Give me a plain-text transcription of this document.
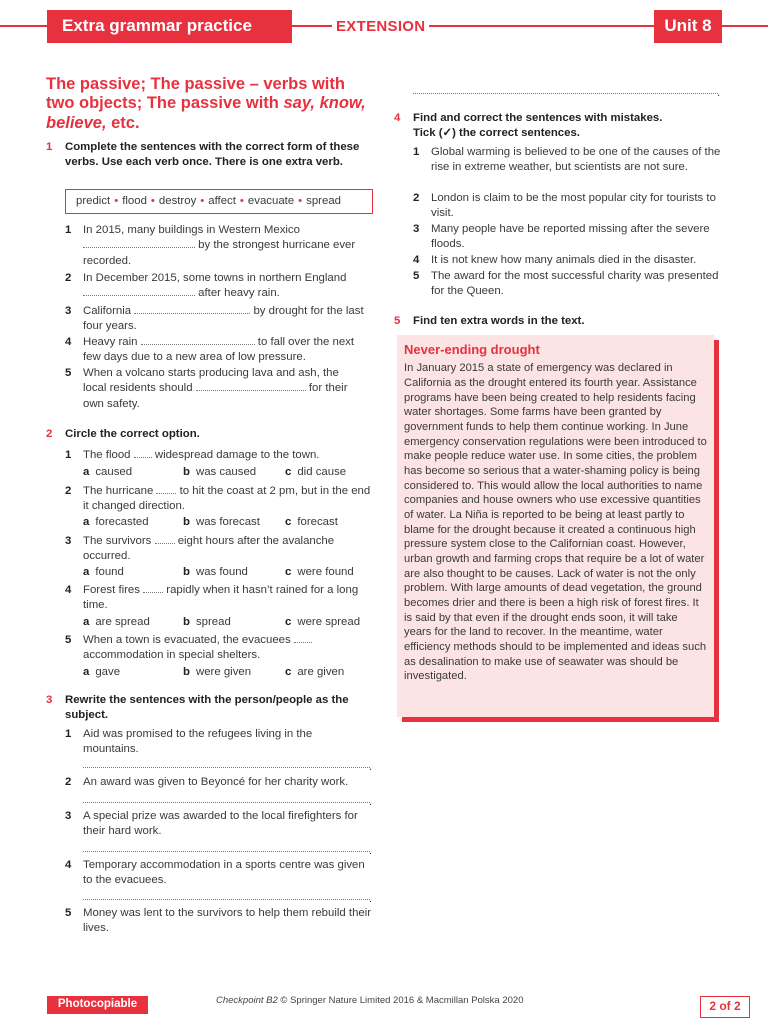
Extra grammar practice	EXTENSION	Unit 8
The passive; The passive – verbs with two objects; The passive with say, know, believe, etc.
1 Complete the sentences with the correct form of these verbs. Use each verb once. There is one extra verb.
predict • flood • destroy • affect • evacuate • spread
1 In 2015, many buildings in Western Mexico
by the strongest hurricane ever recorded.
2 In December 2015, some towns in northern England
after heavy rain.
3 California	by drought for the last four years.
4 Heavy rain	to fall over the next few days due to a new area of low pressure.
5 When a volcano starts producing lava and ash, the local residents should	for their own safety.
2 Circle the correct option.
1 The flood  widespread damage to the town.
a caused	b was caused	c did cause
2 The hurricane  to hit the coast at 2 pm, but in the end it changed direction.
a forecasted	b was forecast c forecast
3 The survivors  eight hours after the avalanche occurred.
a found	b was found	c were found
4 Forest fires  rapidly when it hasn’t rained for a long time.
a are spread	b spread	c were spread
5 When a town is evacuated, the evacuees  accommodation in special shelters.
a gave	b were given	c are given
3 Rewrite the sentences with the person/people as the subject.
1 Aid was promised to the refugees living in the mountains.
.
2 An award was given to Beyoncé for her charity work.
.
3 A special prize was awarded to the local firefighters for their hard work.
.
4 Temporary accommodation in a sports centre was given to the evacuees.
.
5 Money was lent to the survivors to help them rebuild their lives.
.
4 Find and correct the sentences with mistakes.
Tick (✓) the correct sentences.
1 Global warming is believed to be one of the causes of the rise in extreme weather, but scientists are not sure.
2 London is claim to be the most popular city for tourists to visit.
3 Many people have be reported missing after the severe floods.
4 It is not knew how many animals died in the disaster.
5 The award for the most successful charity was presented for the Queen.
5 Find ten extra words in the text.
Never-ending drought

In January 2015 a state of emergency was declared in California as the drought entered its fourth year. Assistance programs have been being created to help residents facing water shortages. Some farms have been granted by government funds to help them continue working. In June emergency conservation regulations were been introduced to make people reduce water use. In some cities, the problem has become so serious that a water-shaming policy is being considered to. This would allow the local authorities to name companies and house owners who use excessive quantities of water. La Niña is reported to be being at least partly to blame for the drought because it created a continuous high pressure system close to the Californian coast. However, urban growth and farming crops that require be a lot of water are also thought to be causes. Lack of water is not the only problem. With large amounts of dead vegetation, the ground becomes drier and there is been a high risk of forest fires. It is said by that even if the drought ends soon, it will take years for the land to recover. In the meantime, water efficiency methods should to be implemented and ideas such as desalination to make use of seawater was should be investigated.

Photocopiable	Checkpoint B2 © Springer Nature Limited 2016 & Macmillan Polska 2020	2 of 2
